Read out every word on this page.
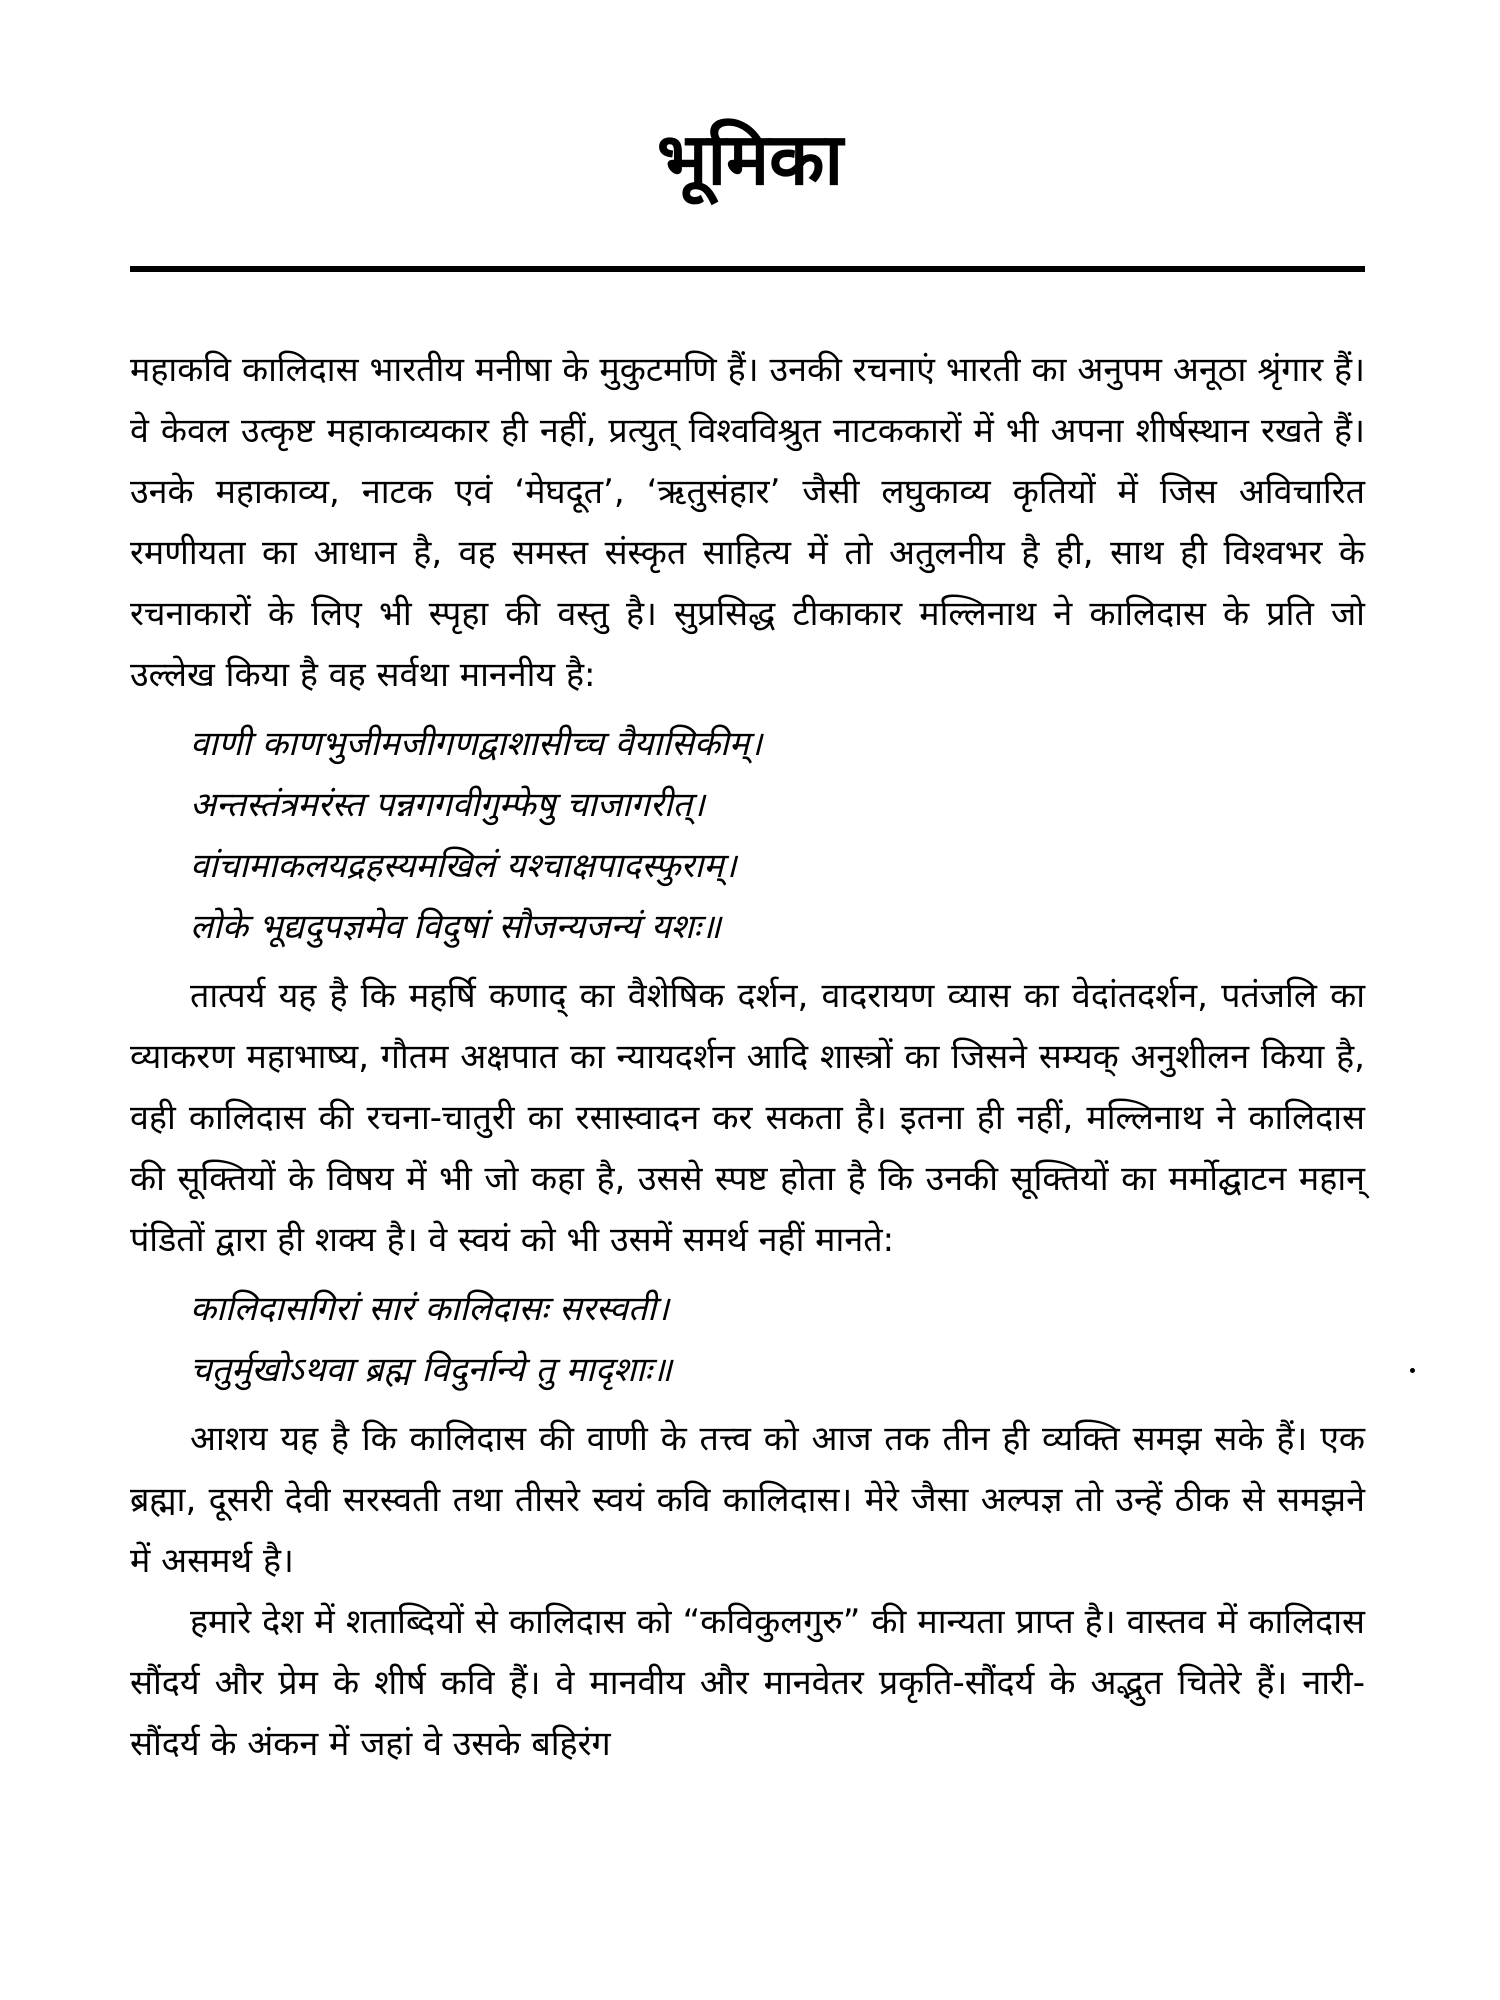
भूमिका

महाकवि कालिदास भारतीय मनीषा के मुकुटमणि हैं। उनकी रचनाएं भारती का अनुपम अनूठा श्रृंगार हैं। वे केवल उत्कृष्ट महाकाव्यकार ही नहीं, प्रत्युत् विश्वविश्रुत नाटककारों में भी अपना शीर्षस्थान रखते हैं। उनके महाकाव्य, नाटक एवं ‘मेघदूत’, ‘ऋतुसंहार’ जैसी लघुकाव्य कृतियों में जिस अविचारित रमणीयता का आधान है, वह समस्त संस्कृत साहित्य में तो अतुलनीय है ही, साथ ही विश्वभर के रचनाकारों के लिए भी स्पृहा की वस्तु है। सुप्रसिद्ध टीकाकार मल्लिनाथ ने कालिदास के प्रति जो उल्लेख किया है वह सर्वथा माननीय है:

वाणी काणभुजीमजीगणद्वाशासीच्च वैयासिकीम्।
अन्तस्तंत्रमरंस्त पन्नगगवीगुम्फेषु चाजागरीत्।
वांचामाकलयद्रहस्यमखिलं यश्चाक्षपादस्फुराम्।
लोके भूद्यदुपज्ञमेव विदुषां सौजन्यजन्यं यशः॥

तात्पर्य यह है कि महर्षि कणाद् का वैशेषिक दर्शन, वादरायण व्यास का वेदांतदर्शन, पतंजलि का व्याकरण महाभाष्य, गौतम अक्षपात का न्यायदर्शन आदि शास्त्रों का जिसने सम्यक् अनुशीलन किया है, वही कालिदास की रचना-चातुरी का रसास्वादन कर सकता है। इतना ही नहीं, मल्लिनाथ ने कालिदास की सूक्तियों के विषय में भी जो कहा है, उससे स्पष्ट होता है कि उनकी सूक्तियों का मर्मोद्घाटन महान् पंडितों द्वारा ही शक्य है। वे स्वयं को भी उसमें समर्थ नहीं मानते:

कालिदासगिरां सारं कालिदासः सरस्वती।
चतुर्मुखोऽथवा ब्रह्म विदुर्नान्ये तु मादृशाः॥

आशय यह है कि कालिदास की वाणी के तत्त्व को आज तक तीन ही व्यक्ति समझ सके हैं। एक ब्रह्मा, दूसरी देवी सरस्वती तथा तीसरे स्वयं कवि कालिदास। मेरे जैसा अल्पज्ञ तो उन्हें ठीक से समझने में असमर्थ है।

हमारे देश में शताब्दियों से कालिदास को “कविकुलगुरु” की मान्यता प्राप्त है। वास्तव में कालिदास सौंदर्य और प्रेम के शीर्ष कवि हैं। वे मानवीय और मानवेतर प्रकृति-सौंदर्य के अद्भुत चितेरे हैं। नारी-सौंदर्य के अंकन में जहां वे उसके बहिरंग
